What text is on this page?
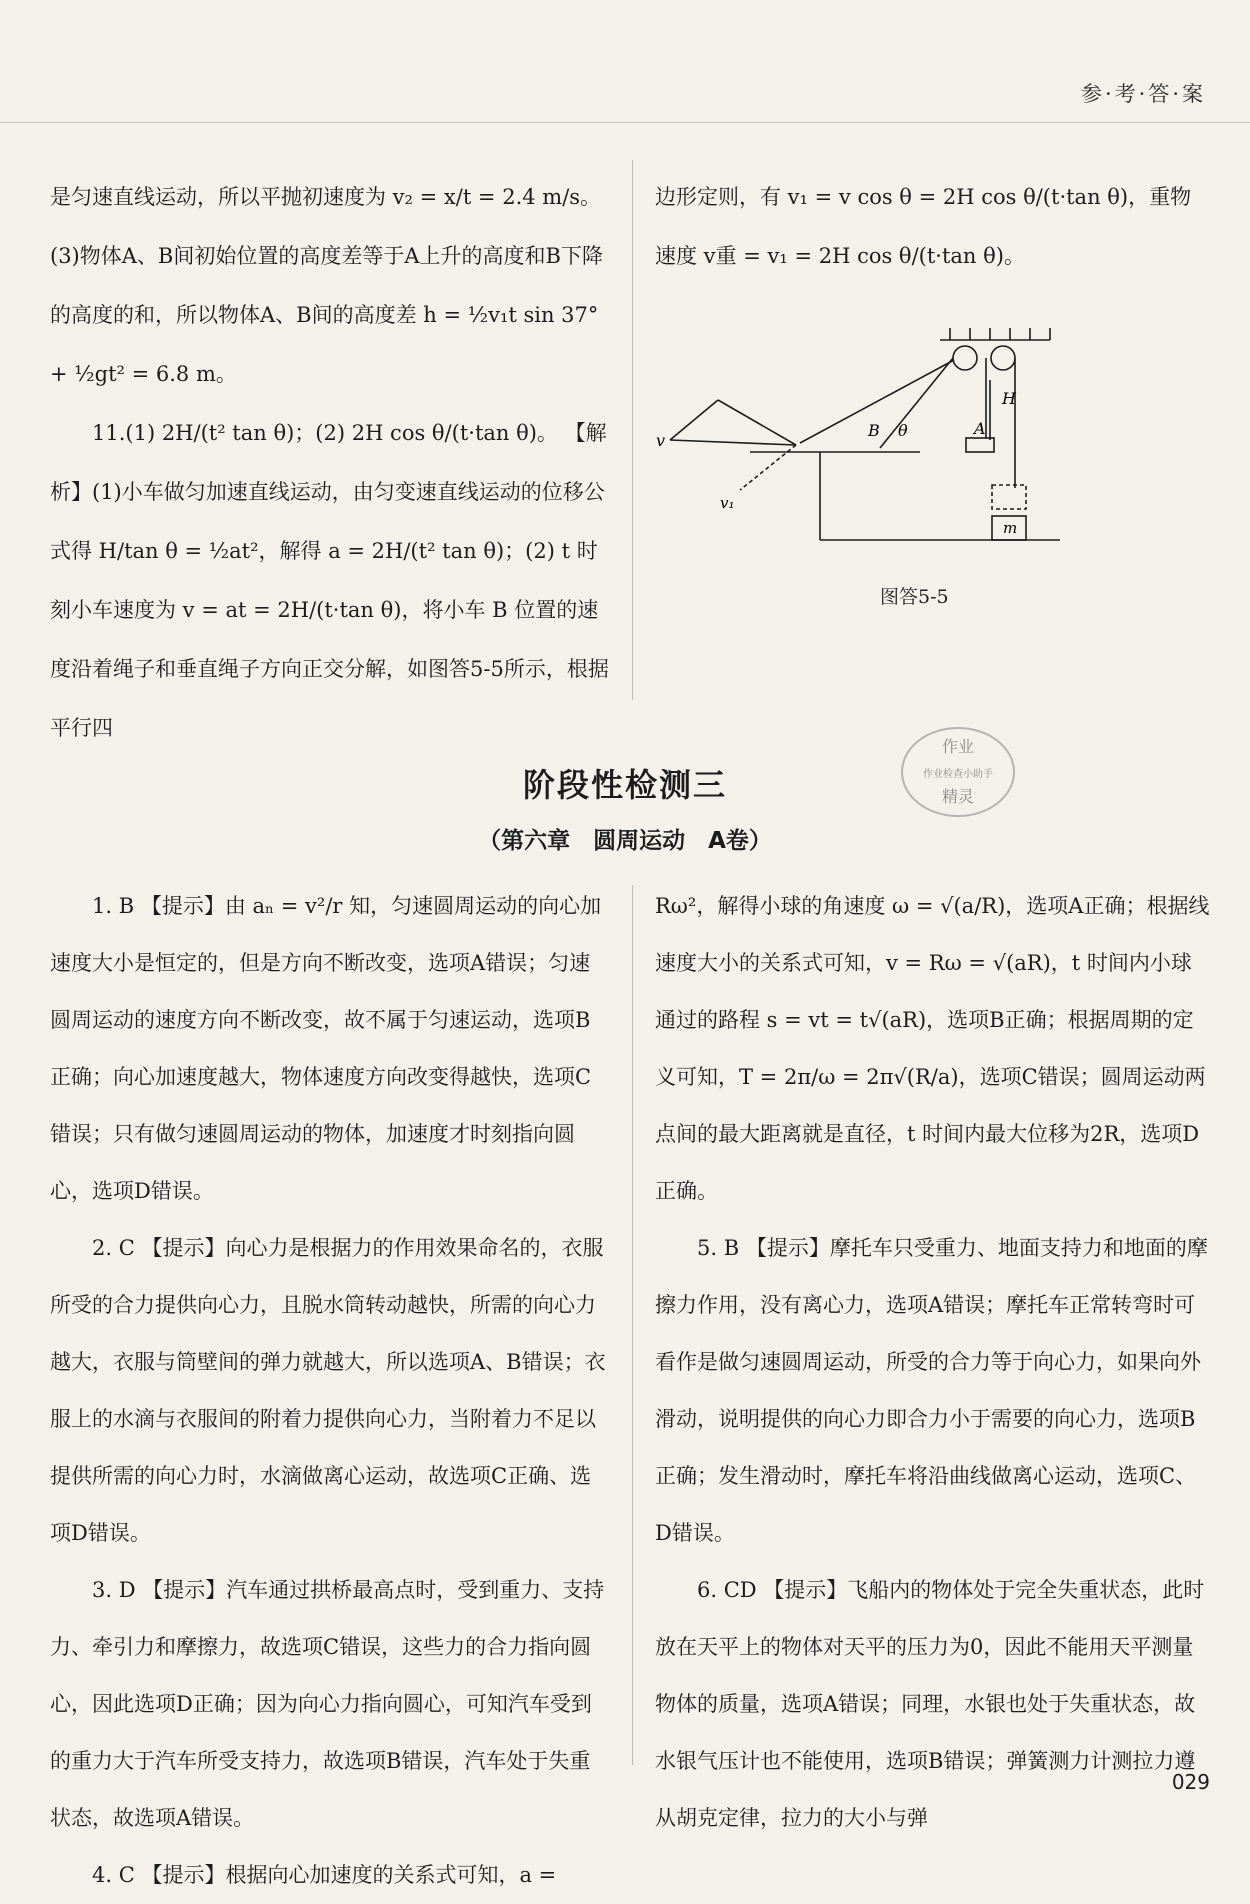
参·考·答·案

是匀速直线运动，所以平抛初速度为 v₂ = x/t = 2.4 m/s。

(3)物体A、B间初始位置的高度差等于A上升的高度和B下降的高度的和，所以物体A、B间的高度差 h = ½v₁t sin 37° + ½gt² = 6.8 m。

11.(1) 2H/(t² tan θ)；(2) 2H cos θ/(t·tan θ)。 【解析】(1)小车做匀加速直线运动，由匀变速直线运动的位移公式得 H/tan θ = ½at²，解得 a = 2H/(t² tan θ)；(2) t 时刻小车速度为 v = at = 2H/(t·tan θ)，将小车 B 位置的速度沿着绳子和垂直绳子方向正交分解，如图答5-5所示，根据平行四

边形定则，有 v₁ = v cos θ = 2H cos θ/(t·tan θ)，重物速度 v重 = v₁ = 2H cos θ/(t·tan θ)。

H
B θ	A
v
v₁
m
图答5-5
阶段性检测三
（第六章　圆周运动　A卷）
作业
作业检查小助手
精灵

1. B 【提示】由 aₙ = v²/r 知，匀速圆周运动的向心加速度大小是恒定的，但是方向不断改变，选项A错误；匀速圆周运动的速度方向不断改变，故不属于匀速运动，选项B正确；向心加速度越大，物体速度方向改变得越快，选项C错误；只有做匀速圆周运动的物体，加速度才时刻指向圆心，选项D错误。

2. C 【提示】向心力是根据力的作用效果命名的，衣服所受的合力提供向心力，且脱水筒转动越快，所需的向心力越大，衣服与筒壁间的弹力就越大，所以选项A、B错误；衣服上的水滴与衣服间的附着力提供向心力，当附着力不足以提供所需的向心力时，水滴做离心运动，故选项C正确、选项D错误。

3. D 【提示】汽车通过拱桥最高点时，受到重力、支持力、牵引力和摩擦力，故选项C错误，这些力的合力指向圆心，因此选项D正确；因为向心力指向圆心，可知汽车受到的重力大于汽车所受支持力，故选项B错误，汽车处于失重状态，故选项A错误。

4. C 【提示】根据向心加速度的关系式可知，a =

Rω²，解得小球的角速度 ω = √(a/R)，选项A正确；根据线速度大小的关系式可知，v = Rω = √(aR)，t 时间内小球通过的路程 s = vt = t√(aR)，选项B正确；根据周期的定义可知，T = 2π/ω = 2π√(R/a)，选项C错误；圆周运动两点间的最大距离就是直径，t 时间内最大位移为2R，选项D正确。

5. B 【提示】摩托车只受重力、地面支持力和地面的摩擦力作用，没有离心力，选项A错误；摩托车正常转弯时可看作是做匀速圆周运动，所受的合力等于向心力，如果向外滑动，说明提供的向心力即合力小于需要的向心力，选项B正确；发生滑动时，摩托车将沿曲线做离心运动，选项C、D错误。

6. CD 【提示】飞船内的物体处于完全失重状态，此时放在天平上的物体对天平的压力为0，因此不能用天平测量物体的质量，选项A错误；同理，水银也处于失重状态，故水银气压计也不能使用，选项B错误；弹簧测力计测拉力遵从胡克定律，拉力的大小与弹

029
